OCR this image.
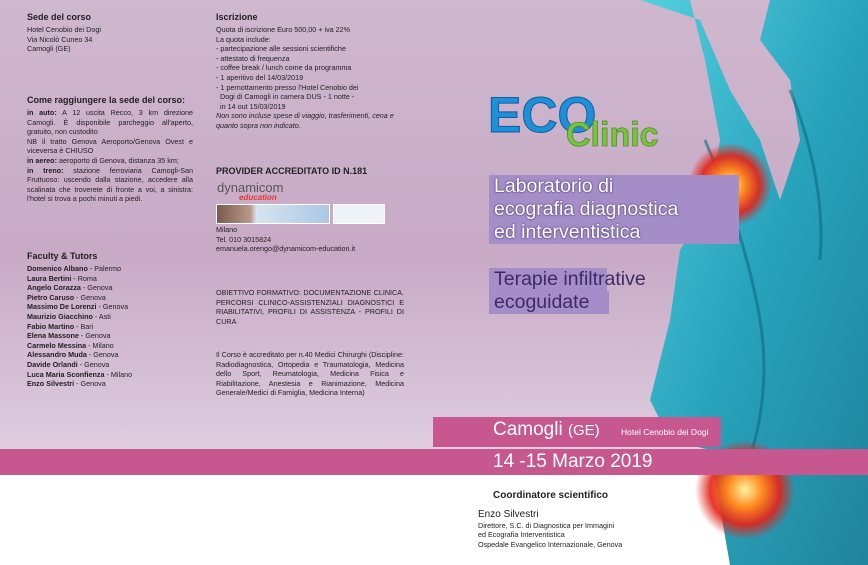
Sede del corso
Hotel Cenobio dei Dogi
Via Nicolò Cuneo 34
Camogli (GE)
Come raggiungere la sede del corso:
in auto: A 12 uscita Recco, 3 km direzione Camogli. È disponibile parcheggio all'aperto, gratuito, non custodito
NB il tratto Genova Aeroporto/Genova Ovest e viceversa è CHIUSO
in aereo: aeroporto di Genova, distanza 35 km;
in treno: stazione ferroviaria Camogli-San Fruttuoso: uscendo dalla stazione, accedere alla scalinata che troverete di fronte a voi, a sinistra: l'hotel si trova a pochi minuti a piedi.
Faculty & Tutors
Domenico Albano - Palermo
Laura Bertini - Roma
Angelo Corazza - Genova
Pietro Caruso - Genova
Massimo De Lorenzi - Genova
Maurizio Giacchino - Asti
Fabio Martino - Bari
Elena Massone - Genova
Carmelo Messina - Milano
Alessandro Muda - Genova
Davide Orlandi - Genova
Luca Maria Sconfienza - Milano
Enzo Silvestri - Genova
Iscrizione
Quota di iscrizione Euro 500,00 + iva 22%
La quota include:
- partecipazione alle sessioni scientifiche
- attestato di frequenza
- coffee break / lunch come da programma
- 1 aperitivo del 14/03/2019
- 1 pernottamento presso l'Hotel Cenobio dei
Dogi di Camogli in camera DUS - 1 notte -
in 14 out 15/03/2019
Non sono incluse spese di viaggio, trasferimenti, cena e quanto sopra non indicato.
PROVIDER ACCREDITATO ID N.181
dynamicom
education
Milano
Tel. 010 3015824
emanuela.orengo@dynamicom-education.it
OBIETTIVO FORMATIVO: DOCUMENTAZIONE CLINICA. PERCORSI CLINICO-ASSISTENZIALI DIAGNOSTICI E RIABILITATIVI, PROFILI DI ASSISTENZA - PROFILI DI CURA
Il Corso è accreditato per n.40 Medici Chirurghi (Discipline: Radiodiagnostica, Ortopedia e Traumatologia, Medicina dello Sport, Reumatologia, Medicina Fisica e Riabilitazione, Anestesia e Rianimazione, Medicina Generale/Medici di Famiglia, Medicina Interna)
ECO
Clinic
Laboratorio di
ecografia diagnostica
ed interventistica
Terapie infiltrative
ecoguidate
Camogli (GE)	Hotel Cenobio dei Dogi
14 -15 Marzo 2019
Coordinatore scientifico
Enzo Silvestri
Direttore, S.C. di Diagnostica per Immagini
ed Ecografia Interventistica
Ospedale Evangelico Internazionale, Genova
